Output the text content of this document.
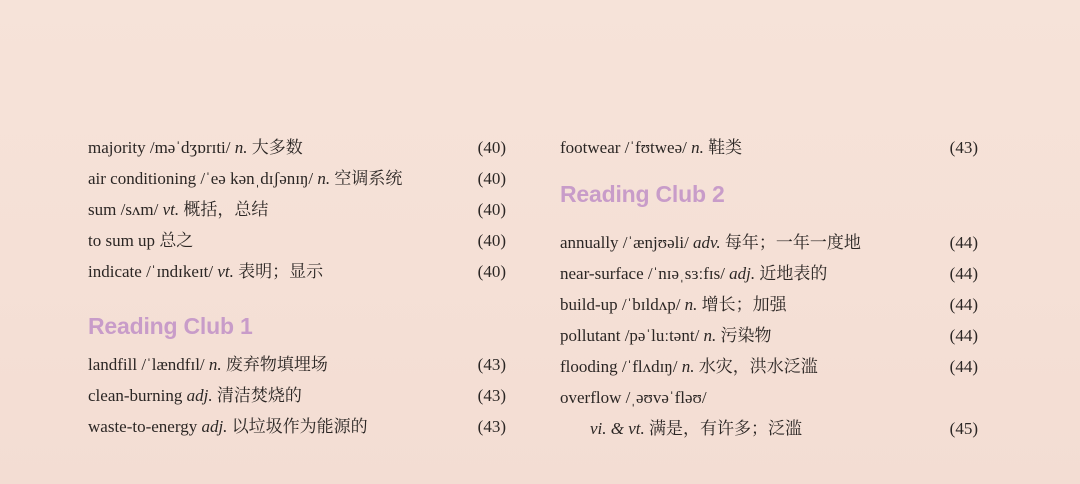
majority /məˈdʒɒrɪti/ n. 大多数	(40)
air conditioning /ˈeə kənˌdɪʃənɪŋ/ n. 空调系统	(40)
sum /sʌm/ vt. 概括，总结	(40)
to sum up 总之	(40)
indicate /ˈɪndɪkeɪt/ vt. 表明；显示	(40)
Reading Club 1
landfill /ˈlændfɪl/ n. 废弃物填埋场	(43)
clean-burning adj. 清洁焚烧的	(43)
waste-to-energy adj. 以垃圾作为能源的	(43)
footwear /ˈfʊtweə/ n. 鞋类	(43)
Reading Club 2
annually /ˈænjʊəli/ adv. 每年；一年一度地	(44)
near-surface /ˈnɪəˌsɜːfɪs/ adj. 近地表的	(44)
build-up /ˈbɪldʌp/ n. 增长；加强	(44)
pollutant /pəˈluːtənt/ n. 污染物	(44)
flooding /ˈflʌdɪŋ/ n. 水灾，洪水泛滥	(44)
overflow /ˌəʊvəˈfləʊ/
vi. & vt. 满是，有许多；泛滥	(45)
